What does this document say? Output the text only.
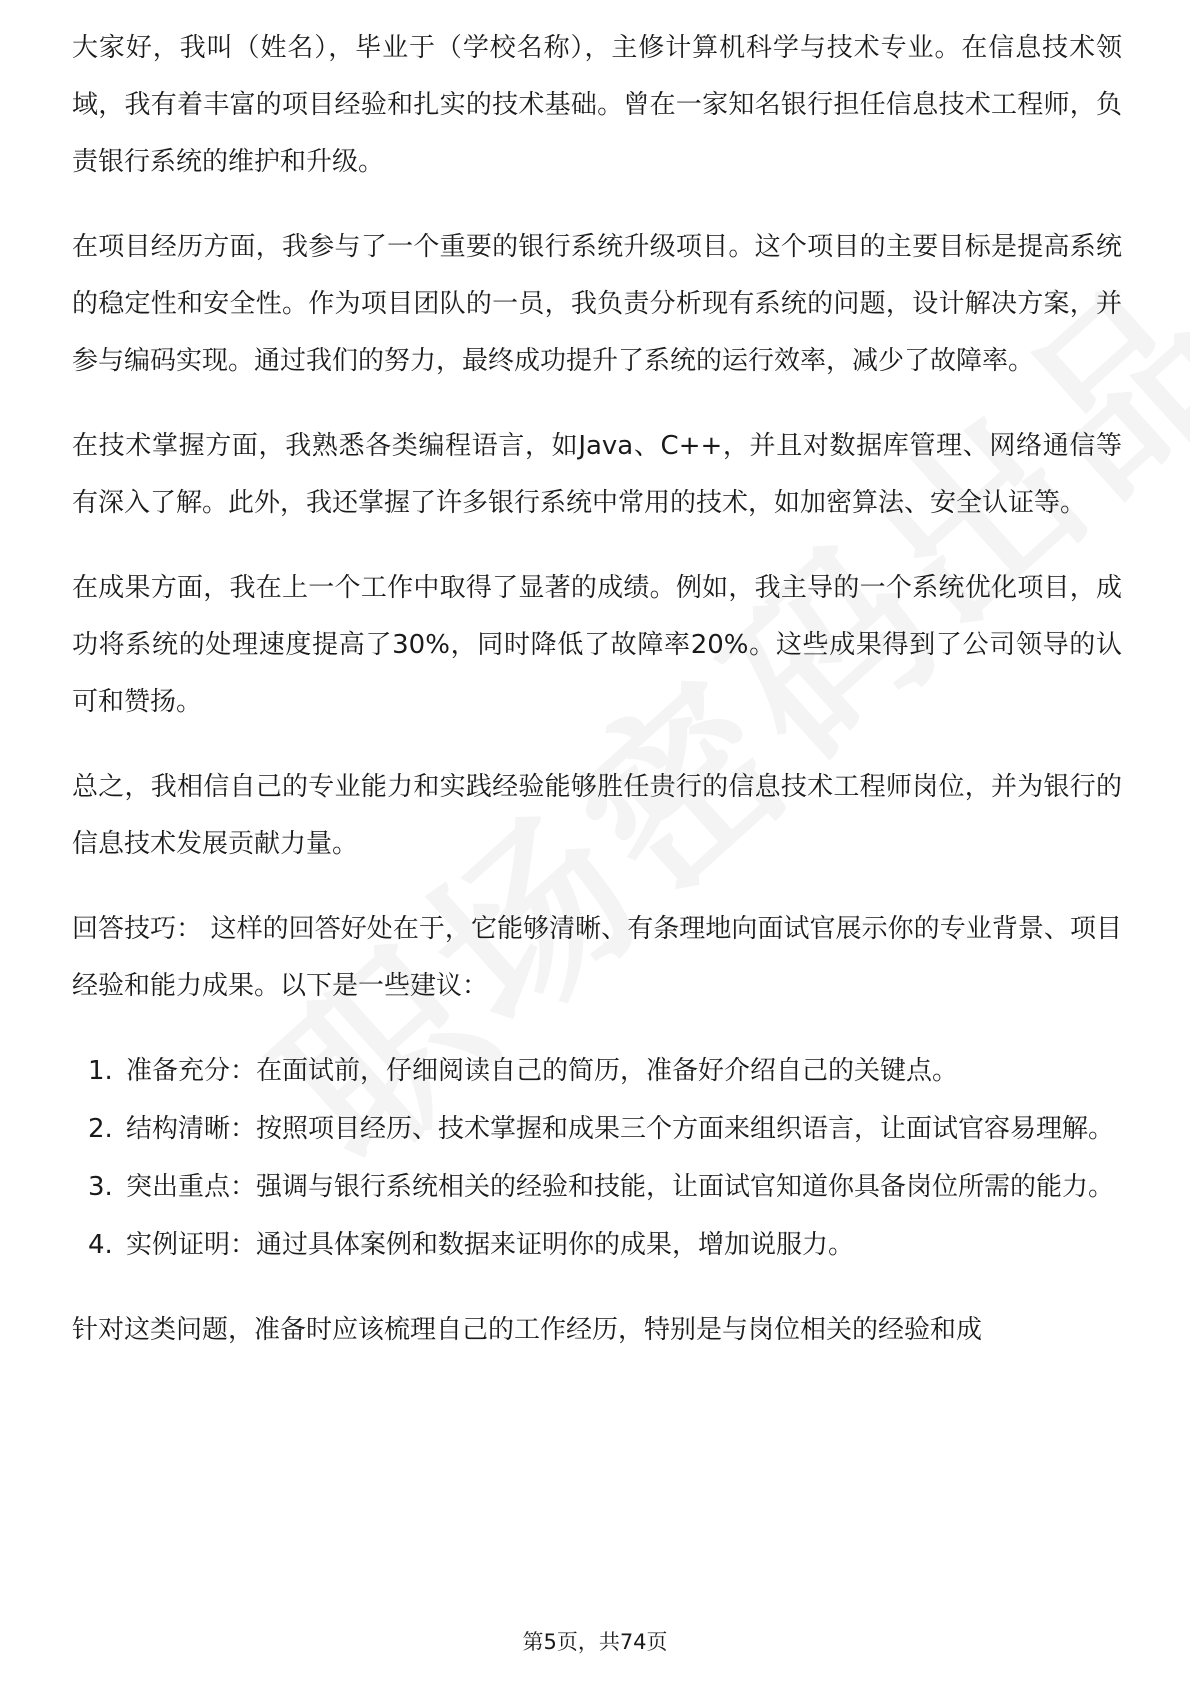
大家好，我叫（姓名），毕业于（学校名称），主修计算机科学与技术专业。在信息技术领域，我有着丰富的项目经验和扎实的技术基础。曾在一家知名银行担任信息技术工程师，负责银行系统的维护和升级。

在项目经历方面，我参与了一个重要的银行系统升级项目。这个项目的主要目标是提高系统的稳定性和安全性。作为项目团队的一员，我负责分析现有系统的问题，设计解决方案，并参与编码实现。通过我们的努力，最终成功提升了系统的运行效率，减少了故障率。

在技术掌握方面，我熟悉各类编程语言，如Java、C++，并且对数据库管理、网络通信等有深入了解。此外，我还掌握了许多银行系统中常用的技术，如加密算法、安全认证等。

在成果方面，我在上一个工作中取得了显著的成绩。例如，我主导的一个系统优化项目，成功将系统的处理速度提高了30%，同时降低了故障率20%。这些成果得到了公司领导的认可和赞扬。

总之，我相信自己的专业能力和实践经验能够胜任贵行的信息技术工程师岗位，并为银行的信息技术发展贡献力量。

回答技巧： 这样的回答好处在于，它能够清晰、有条理地向面试官展示你的专业背景、项目经验和能力成果。以下是一些建议：

1. 准备充分：在面试前，仔细阅读自己的简历，准备好介绍自己的关键点。
2. 结构清晰：按照项目经历、技术掌握和成果三个方面来组织语言，让面试官容易理解。
3. 突出重点：强调与银行系统相关的经验和技能，让面试官知道你具备岗位所需的能力。
4. 实例证明：通过具体案例和数据来证明你的成果，增加说服力。

针对这类问题，准备时应该梳理自己的工作经历，特别是与岗位相关的经验和成

第5页，共74页
